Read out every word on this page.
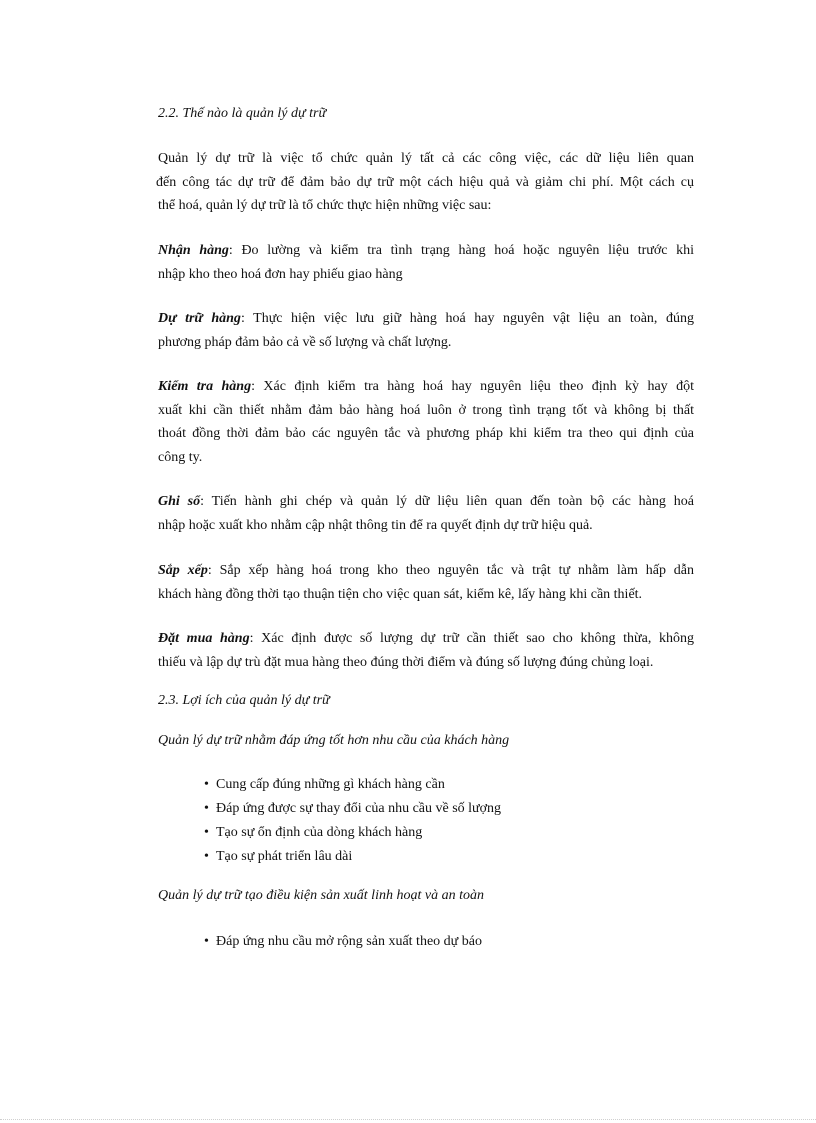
2.2. Thế nào là quản lý dự trữ
Quản lý dự trữ là việc tổ chức quản lý tất cả các công việc, các dữ liệu liên quan
đến công tác dự trữ để đảm bảo dự trữ một cách hiệu quả và giảm chi phí. Một cách cụ
thể hoá, quản lý dự trữ là tổ chức thực hiện những việc sau:
Nhận hàng: Đo lường và kiểm tra tình trạng hàng hoá hoặc nguyên liệu trước khi
nhập kho theo hoá đơn hay phiếu giao hàng
Dự trữ hàng: Thực hiện việc lưu giữ hàng hoá hay nguyên vật liệu an toàn, đúng
phương pháp đảm bảo cả về số lượng và chất lượng.
Kiểm tra hàng: Xác định kiểm tra hàng hoá hay nguyên liệu theo định kỳ hay đột
xuất khi cần thiết nhằm đảm bảo hàng hoá luôn ở trong tình trạng tốt và không bị thất
thoát đồng thời đảm bảo các nguyên tắc và phương pháp khi kiểm tra theo qui định của
công ty.
Ghi sổ: Tiến hành ghi chép và quản lý dữ liệu liên quan đến toàn bộ các hàng hoá
nhập hoặc xuất kho nhằm cập nhật thông tin để ra quyết định dự trữ hiệu quả.
Sắp xếp: Sắp xếp hàng hoá trong kho theo nguyên tắc và trật tự nhằm làm hấp dẫn
khách hàng đồng thời tạo thuận tiện cho việc quan sát, kiểm kê, lấy hàng khi cần thiết.
Đặt mua hàng: Xác định được số lượng dự trữ cần thiết sao cho không thừa, không
thiếu và lập dự trù đặt mua hàng theo đúng thời điểm và đúng số lượng đúng chủng loại.
2.3. Lợi ích của quản lý dự trữ
Quản lý dự trữ nhằm đáp ứng tốt hơn nhu cầu của khách hàng
• Cung cấp đúng những gì khách hàng cần
• Đáp ứng được sự thay đổi của nhu cầu về số lượng
• Tạo sự ổn định của dòng khách hàng
• Tạo sự phát triển lâu dài
Quản lý dự trữ tạo điều kiện sản xuất linh hoạt và an toàn
• Đáp ứng nhu cầu mở rộng sản xuất theo dự báo
